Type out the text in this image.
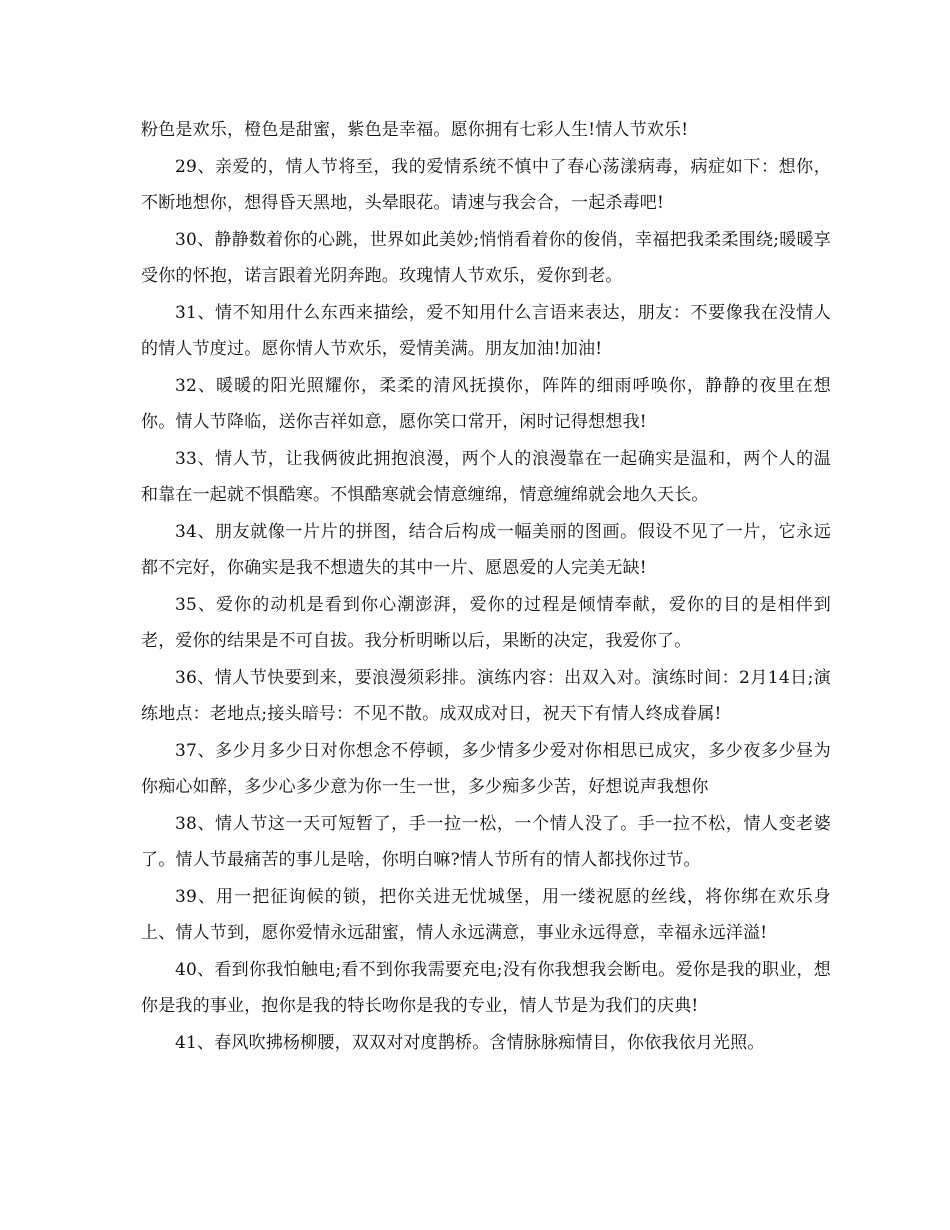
粉色是欢乐，橙色是甜蜜，紫色是幸福。愿你拥有七彩人生!情人节欢乐!

29、亲爱的，情人节将至，我的爱情系统不慎中了春心荡漾病毒，病症如下：想你，不断地想你，想得昏天黑地，头晕眼花。请速与我会合，一起杀毒吧!

30、静静数着你的心跳，世界如此美妙;悄悄看着你的俊俏，幸福把我柔柔围绕;暖暖享受你的怀抱，诺言跟着光阴奔跑。玫瑰情人节欢乐，爱你到老。

31、情不知用什么东西来描绘，爱不知用什么言语来表达，朋友：不要像我在没情人的情人节度过。愿你情人节欢乐，爱情美满。朋友加油!加油!

32、暖暖的阳光照耀你，柔柔的清风抚摸你，阵阵的细雨呼唤你，静静的夜里在想你。情人节降临，送你吉祥如意，愿你笑口常开，闲时记得想想我!

33、情人节，让我俩彼此拥抱浪漫，两个人的浪漫靠在一起确实是温和，两个人的温和靠在一起就不惧酷寒。不惧酷寒就会情意缠绵，情意缠绵就会地久天长。

34、朋友就像一片片的拼图，结合后构成一幅美丽的图画。假设不见了一片，它永远都不完好，你确实是我不想遗失的其中一片、愿恩爱的人完美无缺!

35、爱你的动机是看到你心潮澎湃，爱你的过程是倾情奉献，爱你的目的是相伴到老，爱你的结果是不可自拔。我分析明晰以后，果断的决定，我爱你了。

36、情人节快要到来，要浪漫须彩排。演练内容：出双入对。演练时间：2月14日;演练地点：老地点;接头暗号：不见不散。成双成对日，祝天下有情人终成眷属!

37、多少月多少日对你想念不停顿，多少情多少爱对你相思已成灾，多少夜多少昼为你痴心如醉，多少心多少意为你一生一世，多少痴多少苦，好想说声我想你

38、情人节这一天可短暂了，手一拉一松，一个情人没了。手一拉不松，情人变老婆了。情人节最痛苦的事儿是啥，你明白嘛?情人节所有的情人都找你过节。

39、用一把征询候的锁，把你关进无忧城堡，用一缕祝愿的丝线，将你绑在欢乐身上、情人节到，愿你爱情永远甜蜜，情人永远满意，事业永远得意，幸福永远洋溢!

40、看到你我怕触电;看不到你我需要充电;没有你我想我会断电。爱你是我的职业，想你是我的事业，抱你是我的特长吻你是我的专业，情人节是为我们的庆典!

41、春风吹拂杨柳腰，双双对对度鹊桥。含情脉脉痴情目，你依我依月光照。
